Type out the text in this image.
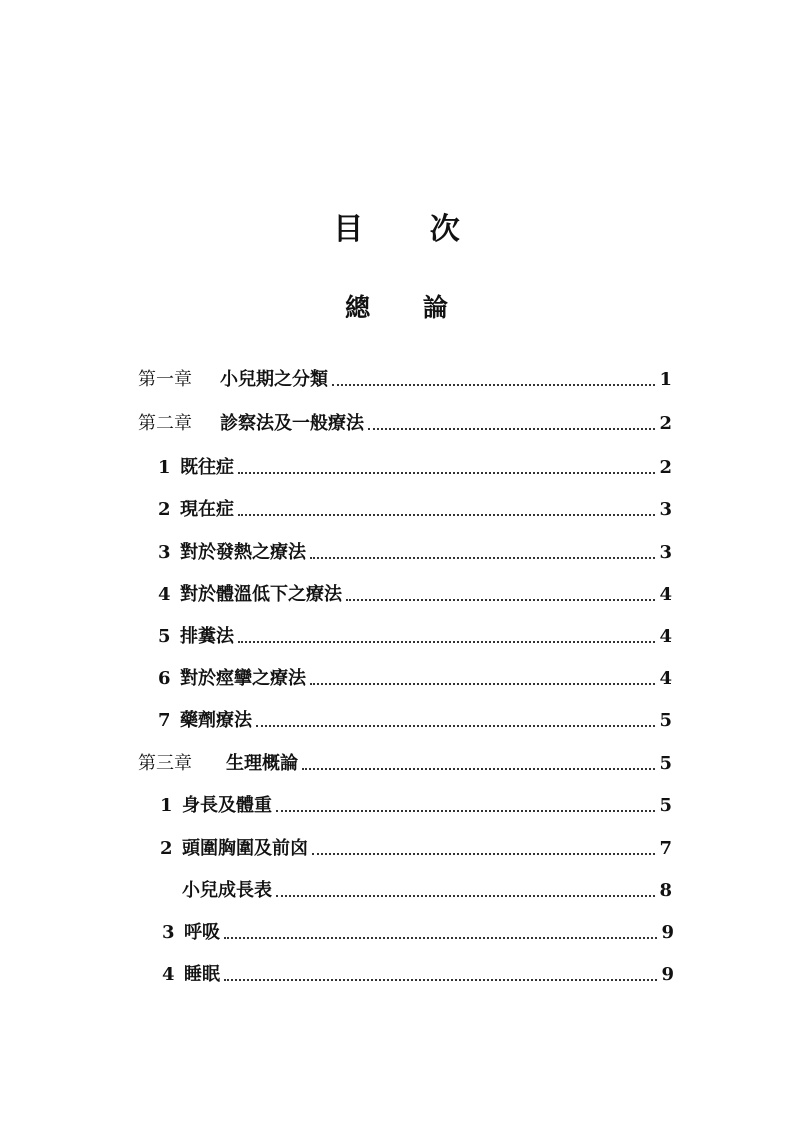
目 次
總 論
第一章	小兒期之分類	1
第二章	診察法及一般療法	2
1 既往症	2
2 現在症	3
3 對於發熱之療法	3
4 對於體溫低下之療法	4
5 排糞法	4
6 對於痙攣之療法	4
7 藥劑療法	5
第三章	生理概論	5
1 身長及體重	5
2 頭圍胸圍及前囟	7
小兒成長表	8
3 呼吸	9
4 睡眠	9
